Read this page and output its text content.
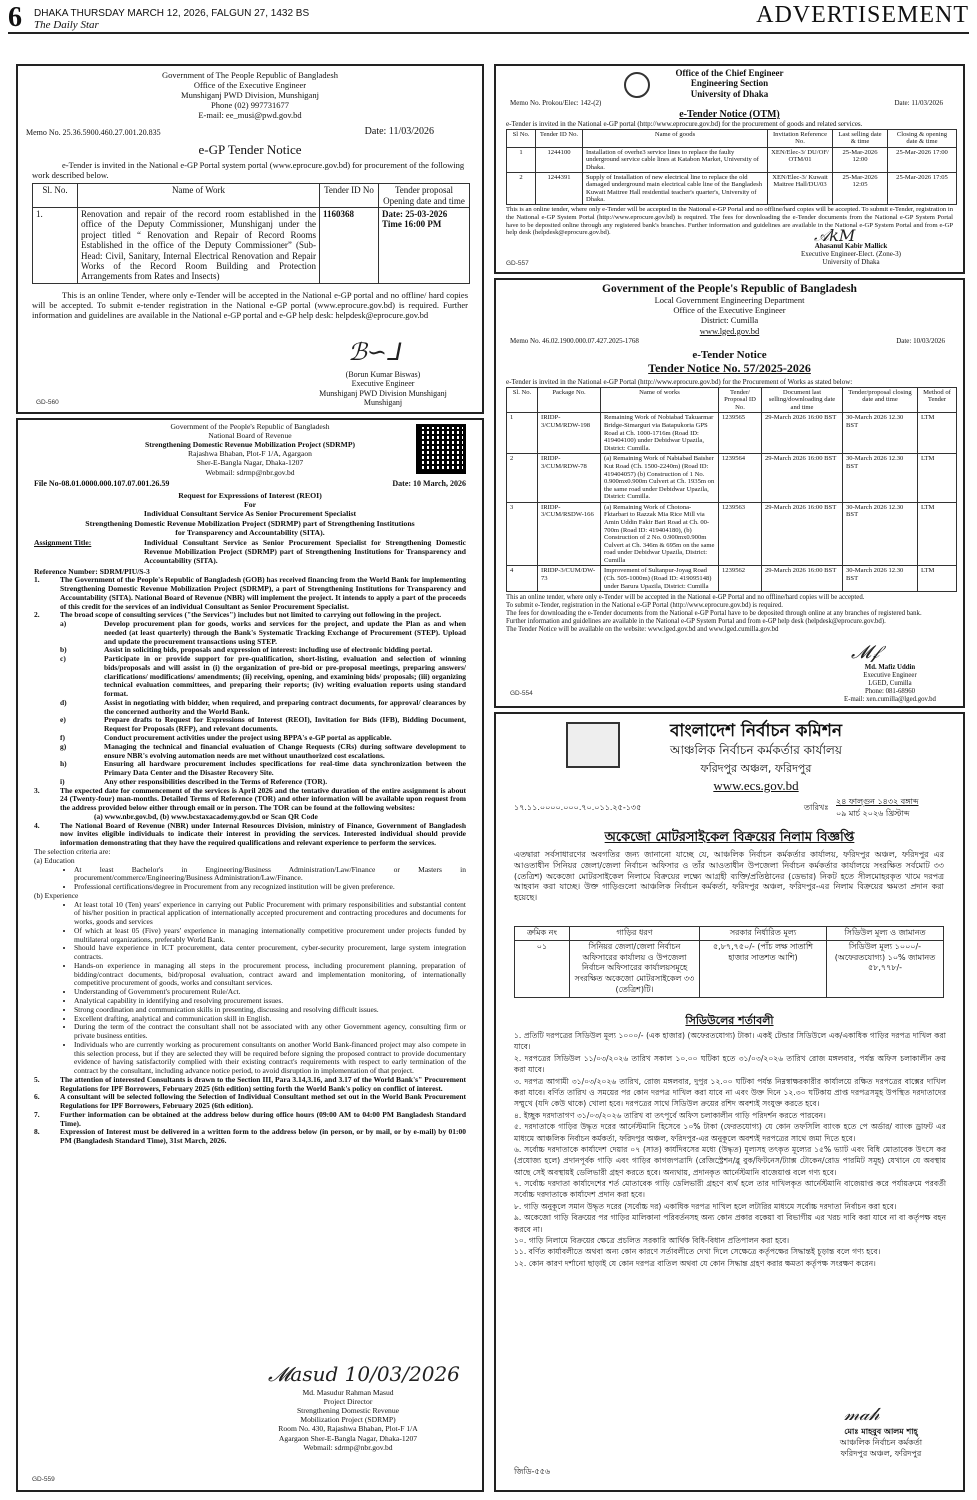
6 DHAKA THURSDAY MARCH 12, 2026, FALGUN 27, 1432 BS
The Daily Star	ADVERTISEMENT
Government of The People Republic of Bangladesh
Office of the Executive Engineer
Munshiganj PWD Division, Munshiganj
Phone (02) 997731677
E-mail: ee_musi@pwd.gov.bd
Memo No. 25.36.5900.460.27.001.20.835	Date: 11/03/2026
e-GP Tender Notice
e-Tender is invited in the National e-GP Portal system portal (www.eprocure.gov.bd) for procurement of the following work described below.
Sl. No.	Name of Work	Tender ID No	Tender proposal Opening date and time
1.	Renovation and repair of the record room established in the office of the Deputy Commissioner, Munshiganj under the project titled “ Renovation and Repair of Record Rooms Established in the office of the Deputy Commissioner” (Sub-Head: Civil, Sanitary, Internal Electrical Renovation and Repair Works of the Record Room Building and Protection Arrangements from Rates and Insects)	1160368	Date: 25-03-2026 Time 16:00 PM
This is an online Tender, where only e-Tender will be accepted in the National e-GP portal and no offline/ hard copies will be accepted. To submit e-tender registration in the National e-GP portal (www.eprocure.gov.bd) is required. Further information and guidelines are available in the National e-GP portal and e-GP help desk: helpdesk@eprocure.gov.bd
ℬ∽⅃
(Borun Kumar Biswas)
Executive Engineer
Munshiganj PWD Division Munshiganj
Munshiganj
GD-560
Government of the People's Republic of Bangladesh
National Board of Revenue
Strengthening Domestic Revenue Mobilization Project (SDRMP)
Rajashwa Bhaban, Plot-F 1/A, Agargaon
Sher-E-Bangla Nagar, Dhaka-1207
Webmail: sdrmp@nbr.gov.bd
File No-08.01.0000.000.107.07.001.26.59	Date: 10 March, 2026
Request for Expressions of Interest (REOI)
For
Individual Consultant Service As Senior Procurement Specialist
Strengthening Domestic Revenue Mobilization Project (SDRMP) part of Strengthening Institutions
for Transparency and Accountability (SITA).
Assignment Title:	Individual Consultant Service as Senior Procurement Specialist for Strengthening Domestic Revenue Mobilization Project (SDRMP) part of Strengthening Institutions for Transparency and Accountability (SITA).
Reference Number: SDRM/PIU/S-3
1.	The Government of the People's Republic of Bangladesh (GOB) has received financing from the World Bank for implementing Strengthening Domestic Revenue Mobilization Project (SDRMP), a part of Strengthening Institutions for Transparency and Accountability (SITA). National Board of Revenue (NBR) will implement the project. It intends to apply a part of the proceeds of this credit for the services of an individual Consultant as Senior Procurement Specialist.
2.	The broad scope of consulting services ("the Services") includes but not limited to carrying out following in the project.
a)	Develop procurement plan for goods, works and services for the project, and update the Plan as and when needed (at least quarterly) through the Bank's Systematic Tracking Exchange of Procurement (STEP). Upload and update the procurement transactions using STEP.
b)	Assist in soliciting bids, proposals and expression of interest: including use of electronic bidding portal.
c)	Participate in or provide support for pre-qualification, short-listing, evaluation and selection of winning bids/proposals and will assist in (i) the organization of pre-bid or pre-proposal meetings, preparing answers/ clarifications/ modifications/ amendments; (ii) receiving, opening, and examining bids/ proposals; (iii) organizing technical evaluation committees, and preparing their reports; (iv) writing evaluation reports using standard format.
d)	Assist in negotiating with bidder, when required, and preparing contract documents, for approval/ clearances by the concerned authority and the World Bank.
e)	Prepare drafts to Request for Expressions of Interest (REOI), Invitation for Bids (IFB), Bidding Document, Request for Proposals (RFP), and relevant documents.
f)	Conduct procurement activities under the project using BPPA's e-GP portal as applicable.
g)	Managing the technical and financial evaluation of Change Requests (CRs) during software development to ensure NBR's evolving automation needs are met without unauthorized cost escalations.
h)	Ensuring all hardware procurement includes specifications for real-time data synchronization between the Primary Data Center and the Disaster Recovery Site.
i)	Any other responsibilities described in the Terms of Reference (TOR).
3.	The expected date for commencement of the services is April 2026 and the tentative duration of the entire assignment is about 24 (Twenty-four) man-months. Detailed Terms of Reference (TOR) and other information will be available upon request from the address provided below either through email or in person. The TOR can be found at the following websites:
(a) www.nbr.gov.bd, (b) www.bcstaxacademy.gov.bd or Scan QR Code
4.	The National Board of Revenue (NBR) under Internal Resources Division, ministry of Finance, Government of Bangladesh now invites eligible individuals to indicate their interest in providing the services. Interested individual should provide information demonstrating that they have the required qualifications and relevant experience to perform the services.
The selection criteria are:
(a) Education
• At least Bachelor's in Engineering/Business Administration/Law/Finance or Masters in procurement/commerce/Engineering/Business Administration/Law/Finance.
• Professional certifications/degree in Procurement from any recognized institution will be given preference.
(b) Experience
• At least total 10 (Ten) years' experience in carrying out Public Procurement with primary responsibilities and substantial content of his/her position in practical application of internationally accepted procurement and contracting procedures and documents for works, goods and services
• Of which at least 05 (Five) years' experience in managing internationally competitive procurement under projects funded by multilateral organizations, preferably World Bank.
• Should have experience in ICT procurement, data center procurement, cyber-security procurement, large system integration contracts.
• Hands-on experience in managing all steps in the procurement process, including procurement planning, preparation of bidding/contract documents, bid/proposal evaluation, contract award and implementation monitoring, of internationally competitive procurement of goods, works and consultant services.
• Understanding of Government's procurement Rule/Act.
• Analytical capability in identifying and resolving procurement issues.
• Strong coordination and communication skills in presenting, discussing and resolving difficult issues.
• Excellent drafting, analytical and communication skill in English.
• During the term of the contract the consultant shall not be associated with any other Government agency, consulting firm or private business entities.
• Individuals who are currently working as procurement consultants on another World Bank-financed project may also compete in this selection process, but if they are selected they will be required before signing the proposed contract to provide documentary evidence of having satisfactorily complied with their existing contract's requirements with respect to early termination of the contract by the consultant, including advance notice period, to avoid disruption in implementation of that project.
5.	The attention of interested Consultants is drawn to the Section III, Para 3.14,3.16, and 3.17 of the World Bank's" Procurement Regulations for IPF Borrowers, February 2025 (6th edition) setting forth the World Bank's policy on conflict of interest.
6.	A consultant will be selected following the Selection of Individual Consultant method set out in the World Bank Procurement Regulations for IPF Borrowers, February 2025 (6th edition).
7.	Further information can be obtained at the address below during office hours (09:00 AM to 04:00 PM Bangladesh Standard Time).
8.	Expression of Interest must be delivered in a written form to the address below (in person, or by mail, or by e-mail) by 01:00 PM (Bangladesh Standard Time), 31st March, 2026.
𝓜asud 10/03/2026
Md. Masudur Rahman Masud
Project Director
Strengthening Domestic Revenue
Mobilization Project (SDRMP)
Room No. 430, Rajashwa Bhaban, Plot-F 1/A
Agargaon Sher-E-Bangla Nagar, Dhaka-1207
Webmail: sdrmp@nbr.gov.bd
GD-559
Office of the Chief Engineer
Engineering Section
University of Dhaka
Memo No. Prokou/Elec: 142-(2)	Date: 11/03/2026
e-Tender Notice (OTM)
e-Tender is invited in the National e-GP portal (http://www.eprocure.gov.bd) for the procurement of goods and related services.
Sl No.	Tender ID No.	Name of goods	Invitation Reference No.	Last selling date & time	Closing & opening date & time
1	1244100	Installation of overhe3 service lines to replace the faulty underground service cable lines at Katabon Market, University of Dhaka.	XEN/Elec-3/ DU/OF/ OTM/01	25-Mar-2026 12:00	25-Mar-2026 17:00
2	1244391	Supply of Installation of new electrical line to replace the old damaged underground main electrical cable line of the Bangladesh Kuwait Maitree Hall residential teacher's quarter's, University of Dhaka.	XEN/Elec-3/ Kuwait Maitree Hall/DU/03	25-Mar-2026 12:05	25-Mar-2026 17:05
This is an online tender, where only e-Tender will be accepted in the National e-GP Portal and no offline/hard copies will be accepted. To submit e-Tender, registration in the National e-GP System Portal (http://www.eprocure.gov.bd) is required. The fees for downloading the e-Tender documents from the National e-GP System Portal have to be deposited online through any registered bank's branches. Further information and guidelines are available in the National e-GP System Portal and from e-GP help desk (helpdesk@eprocure.gov.bd).	𝒜kM
Ahasanul Kabir Mallick
Executive Engineer-Elect. (Zone-3)
University of Dhaka
GD-557
Government of the People's Republic of Bangladesh
Local Government Engineering Department
Office of the Executive Engineer
District: Cumilla
www.lged.gov.bd
Memo No. 46.02.1900.000.07.427.2025-1768	Date: 10/03/2026
e-Tender Notice
Tender Notice No. 57/2025-2026
e-Tender is invited in the National e-GP Portal (http://www.eprocure.gov.bd) for the Procurement of Works as stated below:
Sl. No.	Package No.	Name of works	Tender/ Proposal ID No.	Document last selling/downloading date and time	Tender/proposal closing date and time	Method of Tender
1	IRIDP-3/CUM/RDW-198	Remaining Work of Nobiabad Takuarmar Bridge-Simarguri via Batapukoria GPS Road at Ch. 1000-1716m (Road ID: 419404100) under Debidwar Upazila, District: Cumilla.	1239565	29-March 2026 16:00 BST	30-March 2026 12.30 BST	LTM
2	IRIDP-3/CUM/RDW-78	(a) Remaining Work of Nabiabad Baisher Kut Road (Ch. 1500-2240m) (Road ID: 419404057) (b) Construction of 1 No. 0.900mx0.900m Culvert at Ch. 1935m on the same road under Debidwar Upazila, District: Cumilla.	1239564	29-March 2026 16:00 BST	30-March 2026 12.30 BST	LTM
3	IRIDP-3/CUM/RSDW-166	(a) Remaining Work of Chotona-Fktarbari to Razzak Mia Rice Mill via Amin Uddin Fakir Bari Road at Ch. 00-700m (Road ID: 419404180), (b) Construction of 2 No. 0.900mx0.900m Culvert at Ch. 346m & 695m on the same road under Debidwar Upazila, District: Cumilla	1239563	29-March 2026 16:00 BST	30-March 2026 12.30 BST	LTM
4	IRIDP-3/CUM/DW-73	Improvement of Sultanpur-Joyag Road (Ch. 505-1000m) (Road ID: 419095148) under Barura Upazila, District: Cumilla	1239562	29-March 2026 16:00 BST	30-March 2026 12.30 BST	LTM
This an online tender, where only e-Tender will be accepted in the National e-GP Portal and no offline/hard copies will be accepted.
To submit e-Tender, registration in the National e-GP Portal (http://www.eprocure.gov.bd) is required.
The fees for downloading the e-Tender documents from the National e-GP Portal have to be deposited through online at any branches of registered bank.
Further information and guidelines are available in the National e-GP System Portal and from e-GP help desk (helpdesk@eprocure.gov.bd).
The Tender Notice will be available on the website: www.lged.gov.bd and www.lged.cumilla.gov.bd
𝓜𝒻
Md. Mafiz Uddin
Executive Engineer
LGED, Cumilla
Phone: 081-68960
E-mail: xen.cumilla@lged.gov.bd
GD-554
বাংলাদেশ নির্বাচন কমিশন
আঞ্চলিক নির্বাচন কর্মকর্তার কার্যালয়
ফরিদপুর অঞ্চল, ফরিদপুর
www.ecs.gov.bd
১৭.১১.০০০০.০০০.৭০.০১১.২৫-১৩৫	তারিখঃ
২৪ ফাল্গুন ১৪৩২ বঙ্গাব্দ
০৯ মার্চ ২০২৬ খ্রিস্টাব্দ
অকেজো মোটরসাইকেল বিক্রয়ের নিলাম বিজ্ঞপ্তি
এতদ্বারা সর্বসাধারণের অবগতির জন্য জানানো যাচ্ছে যে, আঞ্চলিক নির্বাচন কর্মকর্তার কার্যালয়, ফরিদপুর অঞ্চল, ফরিদপুর এর আওতাধীন সিনিয়র জেলা/জেলা নির্বাচন অফিসার ও তাঁর আওতাধীন উপজেলা নির্বাচন কর্মকর্তার কার্যালয়ে সংরক্ষিত সর্বমোট ৩৩ (তেত্রিশ) অকেজো মোটরসাইকেল নিলামে বিক্রয়ের লক্ষ্যে আগ্রহী ব্যক্তি/প্রতিষ্ঠানের (ডেভার) নিকট হতে সীলমোহরকৃত খামে দরপত্র আহবান করা যাচ্ছে। উক্ত গাড়িগুলো আঞ্চলিক নির্বাচন কর্মকর্তা, ফরিদপুর অঞ্চল, ফরিদপুর-এর নিলাম বিক্রয়ের ক্ষমতা প্রদান করা হয়েছে।
ক্রমিক নং	গাড়ির ধরণ	সরকার নির্ধারিত মূল্য	সিডিউল মূল্য ও জামানত
০১	সিনিয়র জেলা/জেলা নির্বাচন অফিসারের কার্যালয় ও উপজেলা নির্বাচন অফিসারের কার্যালয়সমূহে সংরক্ষিত অকেজো মোটরসাইকেল ৩৩ (তেত্রিশ)টি।	৫,৮৭,৭৫০/- (পাঁচ লক্ষ সাতাশি হাজার সাতশত আশি)	সিডিউল মূল্য ১০০০/- (অফেরতযোগ্য) ১০% জামানত ৫৮,৭৭৮/-
সিডিউলের শর্তাবলী
১. প্রতিটি দরপত্রের সিডিউল মূল্য ১০০০/- (এক হাজার) (অফেরতযোগ্য) টাকা। একই টেন্ডার সিডিউলে এক/একাধিক গাড়ির দরপত্র দাখিল করা যাবে।
২. দরপত্রের সিডিউল ১১/০৩/২০২৬ তারিখ সকাল ১০.০০ ঘটিকা হতে ৩১/০৩/২০২৬ তারিখ রোজ মঙ্গলবার, পর্যন্ত অফিস চলাকালীন ক্রয় করা যাবে।
৩. দরপত্র আগামী ৩১/০৩/২০২৬ তারিখ, রোজ মঙ্গলবার, দুপুর ১২.০০ ঘটিকা পর্যন্ত নিম্নস্বাক্ষরকারীর কার্যালয়ে রক্ষিত দরপত্রের বাক্সের দাখিল করা যাবে। বর্ণিত তারিখ ও সময়ের পর কোন দরপত্র দাখিল করা যাবে না এবং উক্ত দিনে ১২.৩০ ঘটিকায় প্রাপ্ত দরপত্রসমূহ উপস্থিত দরদাতাদের সম্মুখে (যদি কেউ থাকে) খোলা হবে। দরপত্রের সাথে সিডিউল ক্রয়ের রশিদ অবশ্যই সংযুক্ত করতে হবে।
৪. ইচ্ছুক দরদাতাগণ ৩১/০৩/২০২৬ তারিখ বা তৎপূর্বে অফিস চলাকালীন গাড়ি পরিদর্শন করতে পারবেন।
৫. দরদাতাকে গাড়ির উদ্ধৃত দরের আর্নেস্টমানি হিসেবে ১০% টাকা (ফেরতযোগ্য) যে কোন তফসিলি ব্যাংক হতে পে অর্ডার/ ব্যাংক ড্রাফট এর মাধ্যমে আঞ্চলিক নির্বাচন কর্মকর্তা, ফরিদপুর অঞ্চল, ফরিদপুর-এর অনুকূলে অবশ্যই দরপত্রের সাথে জমা দিতে হবে।
৬. সর্বোচ্চ দরদাতাকে কার্যাদেশ দেয়ার ০৭ (সাত) কার্যদিবসের মধ্যে (উদ্ধৃত) মূল্যসহ তৎকৃত মূল্যের ১৫% ভ্যাট এবং বিধি মোতাবেক উৎসে কর (প্রযোজ্য হলে) প্রদানপূর্বক গাড়ি এবং গাড়ির কাগজপত্রাদি (রেজিস্ট্রেশন/ব্লু বুক/ফিটনেস/ট্যাক্স টোকেন/রোড পারমিট সমূহ) যেখানে যে অবস্থায় আছে সেই অবস্থায়ই ডেলিভারী গ্রহণ করতে হবে। অন্যথায়, প্রদানকৃত আর্নেস্টমানি বাজেয়াপ্ত বলে গণ্য হবে।
৭. সর্বোচ্চ দরদাতা কার্যাদেশের শর্ত মোতাবেক গাড়ি ডেলিভারী গ্রহণে ব্যর্থ হলে তার দাখিলকৃত আর্নেস্টমানি বাজেয়াপ্ত করে পর্যায়ক্রমে পরবর্তী সর্বোচ্চ দরদাতাকে কার্যাদেশ প্রদান করা হবে।
৮. গাড়ি অনুকূলে সমান উদ্ধৃত দরের (সর্বোচ্চ দর) একাধিক দরপত্র দাখিল হলে লটারির মাধ্যমে সর্বোচ্চ দরদাতা নির্বাচন করা হবে।
৯. অকেজো গাড়ি বিক্রয়ের পর গাড়ির মালিকানা পরিবর্তনসহ অন্য কোন প্রকার বকেয়া বা বিভাগীয় এর খরচ দাবি করা যাবে না বা কর্তৃপক্ষ বহন করবে না।
১০. গাড়ি নিলামে বিক্রয়ের ক্ষেত্রে প্রচলিত সরকারি আর্থিক বিধি-বিধান প্রতিপালন করা হবে।
১১. বর্ণিত কার্যাবলীতে অথবা অন্য কোন কারণে সর্তাবলীতে দেখা দিলে সেক্ষেত্রে কর্তৃপক্ষের সিদ্ধান্তই চূড়ান্ত বলে গণ্য হবে।
১২. কোন কারণ দর্শানো ছাড়াই যে কোন দরপত্র বাতিল অথবা যে কোন সিদ্ধান্ত গ্রহণ করার ক্ষমতা কর্তৃপক্ষ সংরক্ষণ করেন।
𝓂𝒶𝒽
মোঃ মাহবুব আলম শাহ্
আঞ্চলিক নির্বাচন কর্মকর্তা
ফরিদপুর অঞ্চল, ফরিদপুর
জিডি-৫৫৬
